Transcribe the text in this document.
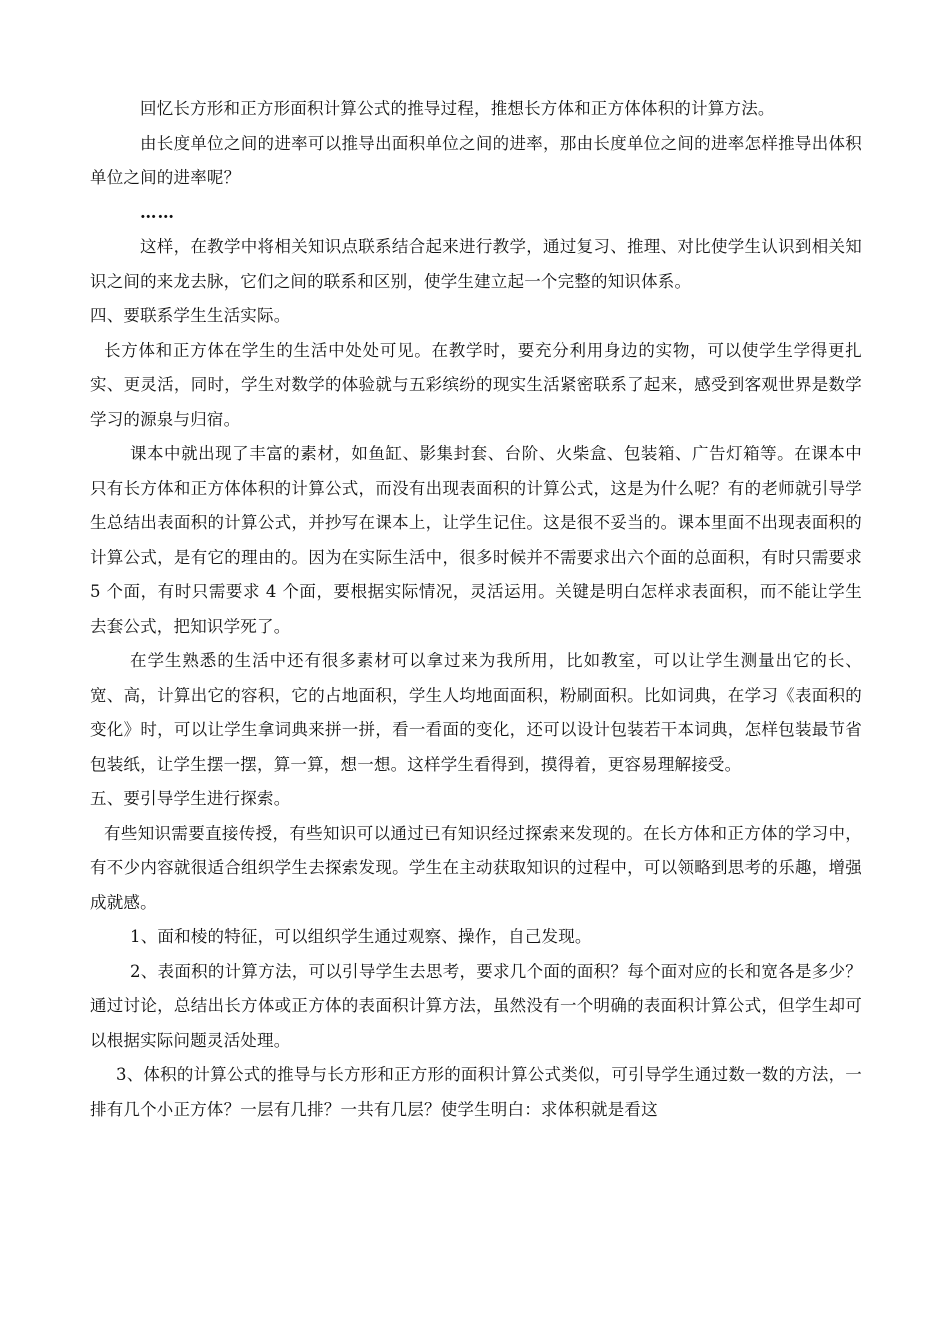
回忆长方形和正方形面积计算公式的推导过程，推想长方体和正方体体积的计算方法。

由长度单位之间的进率可以推导出面积单位之间的进率，那由长度单位之间的进率怎样推导出体积单位之间的进率呢？

……

这样，在教学中将相关知识点联系结合起来进行教学，通过复习、推理、对比使学生认识到相关知识之间的来龙去脉，它们之间的联系和区别，使学生建立起一个完整的知识体系。

四、要联系学生生活实际。

长方体和正方体在学生的生活中处处可见。在教学时，要充分利用身边的实物，可以使学生学得更扎实、更灵活，同时，学生对数学的体验就与五彩缤纷的现实生活紧密联系了起来，感受到客观世界是数学学习的源泉与归宿。

课本中就出现了丰富的素材，如鱼缸、影集封套、台阶、火柴盒、包装箱、广告灯箱等。在课本中只有长方体和正方体体积的计算公式，而没有出现表面积的计算公式，这是为什么呢？有的老师就引导学生总结出表面积的计算公式，并抄写在课本上，让学生记住。这是很不妥当的。课本里面不出现表面积的计算公式，是有它的理由的。因为在实际生活中，很多时候并不需要求出六个面的总面积，有时只需要求 5 个面，有时只需要求 4 个面，要根据实际情况，灵活运用。关键是明白怎样求表面积，而不能让学生去套公式，把知识学死了。

在学生熟悉的生活中还有很多素材可以拿过来为我所用，比如教室，可以让学生测量出它的长、宽、高，计算出它的容积，它的占地面积，学生人均地面面积，粉刷面积。比如词典，在学习《表面积的变化》时，可以让学生拿词典来拼一拼，看一看面的变化，还可以设计包装若干本词典，怎样包装最节省包装纸，让学生摆一摆，算一算，想一想。这样学生看得到，摸得着，更容易理解接受。

五、要引导学生进行探索。

有些知识需要直接传授，有些知识可以通过已有知识经过探索来发现的。在长方体和正方体的学习中，有不少内容就很适合组织学生去探索发现。学生在主动获取知识的过程中，可以领略到思考的乐趣，增强成就感。

1、面和棱的特征，可以组织学生通过观察、操作，自己发现。

2、表面积的计算方法，可以引导学生去思考，要求几个面的面积？每个面对应的长和宽各是多少？通过讨论，总结出长方体或正方体的表面积计算方法，虽然没有一个明确的表面积计算公式，但学生却可以根据实际问题灵活处理。

3、体积的计算公式的推导与长方形和正方形的面积计算公式类似，可引导学生通过数一数的方法，一排有几个小正方体？一层有几排？一共有几层？使学生明白：求体积就是看这
